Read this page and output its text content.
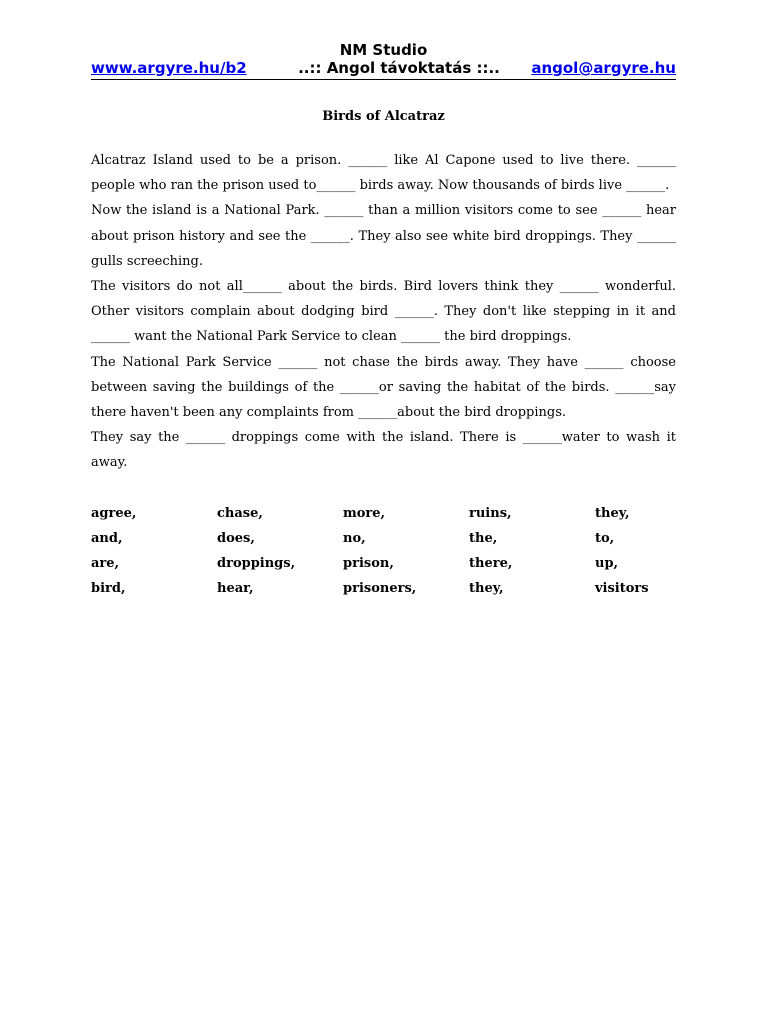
NM Studio
www.argyre.hu/b2	..:: Angol távoktatás ::.. angol@argyre.hu
Birds of Alcatraz

Alcatraz Island used to be a prison. ______ like Al Capone used to live there. ______ people who ran the prison used to______ birds away. Now thousands of birds live ______.

Now the island is a National Park. ______ than a million visitors come to see ______ hear about prison history and see the ______. They also see white bird droppings. They ______ gulls screeching.

The visitors do not all______ about the birds. Bird lovers think they ______ wonderful. Other visitors complain about dodging bird ______. They don't like stepping in it and ______ want the National Park Service to clean ______ the bird droppings.

The National Park Service ______ not chase the birds away. They have ______ choose between saving the buildings of the ______or saving the habitat of the birds. ______say there haven't been any complaints from ______about the bird droppings.

They say the ______ droppings come with the island. There is ______water to wash it away.

agree,	chase,	more,	ruins,	they,
and,	does,	no,	the,	to,
are,	droppings,	prison,	there,	up,
bird,	hear,	prisoners,	they,	visitors
